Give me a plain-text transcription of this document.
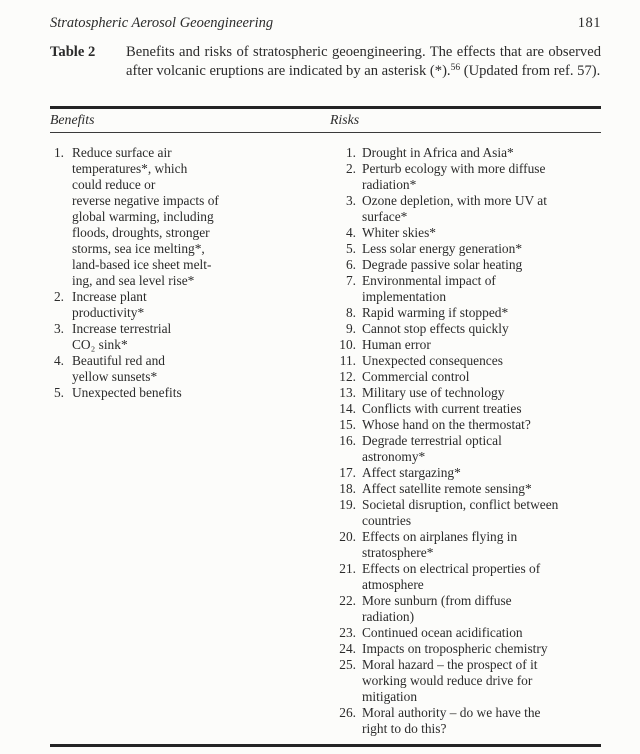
Stratospheric Aerosol Geoengineering	181
Table 2 Benefits and risks of stratospheric geoengineering. The effects that are observed after volcanic eruptions are indicated by an asterisk (*).$^{56}$ (Updated from ref. 57).
Benefits	Risks
1. Reduce surface air
temperatures*, which
could reduce or
reverse negative impacts of
global warming, including
floods, droughts, stronger
storms, sea ice melting*,
land-based ice sheet melt-
ing, and sea level rise*
2. Increase plant
productivity*
3. Increase terrestrial
CO₂ sink*
4. Beautiful red and
yellow sunsets*
5. Unexpected benefits
1. Drought in Africa and Asia*
2. Perturb ecology with more diffuse
radiation*
3. Ozone depletion, with more UV at
surface*
4. Whiter skies*
5. Less solar energy generation*
6. Degrade passive solar heating
7. Environmental impact of
implementation
8. Rapid warming if stopped*
9. Cannot stop effects quickly
10. Human error
11. Unexpected consequences
12. Commercial control
13. Military use of technology
14. Conflicts with current treaties
15. Whose hand on the thermostat?
16. Degrade terrestrial optical
astronomy*
17. Affect stargazing*
18. Affect satellite remote sensing*
19. Societal disruption, conflict between
countries
20. Effects on airplanes flying in
stratosphere*
21. Effects on electrical properties of
atmosphere
22. More sunburn (from diffuse
radiation)
23. Continued ocean acidification
24. Impacts on tropospheric chemistry
25. Moral hazard – the prospect of it
working would reduce drive for
mitigation
26. Moral authority – do we have the
right to do this?
